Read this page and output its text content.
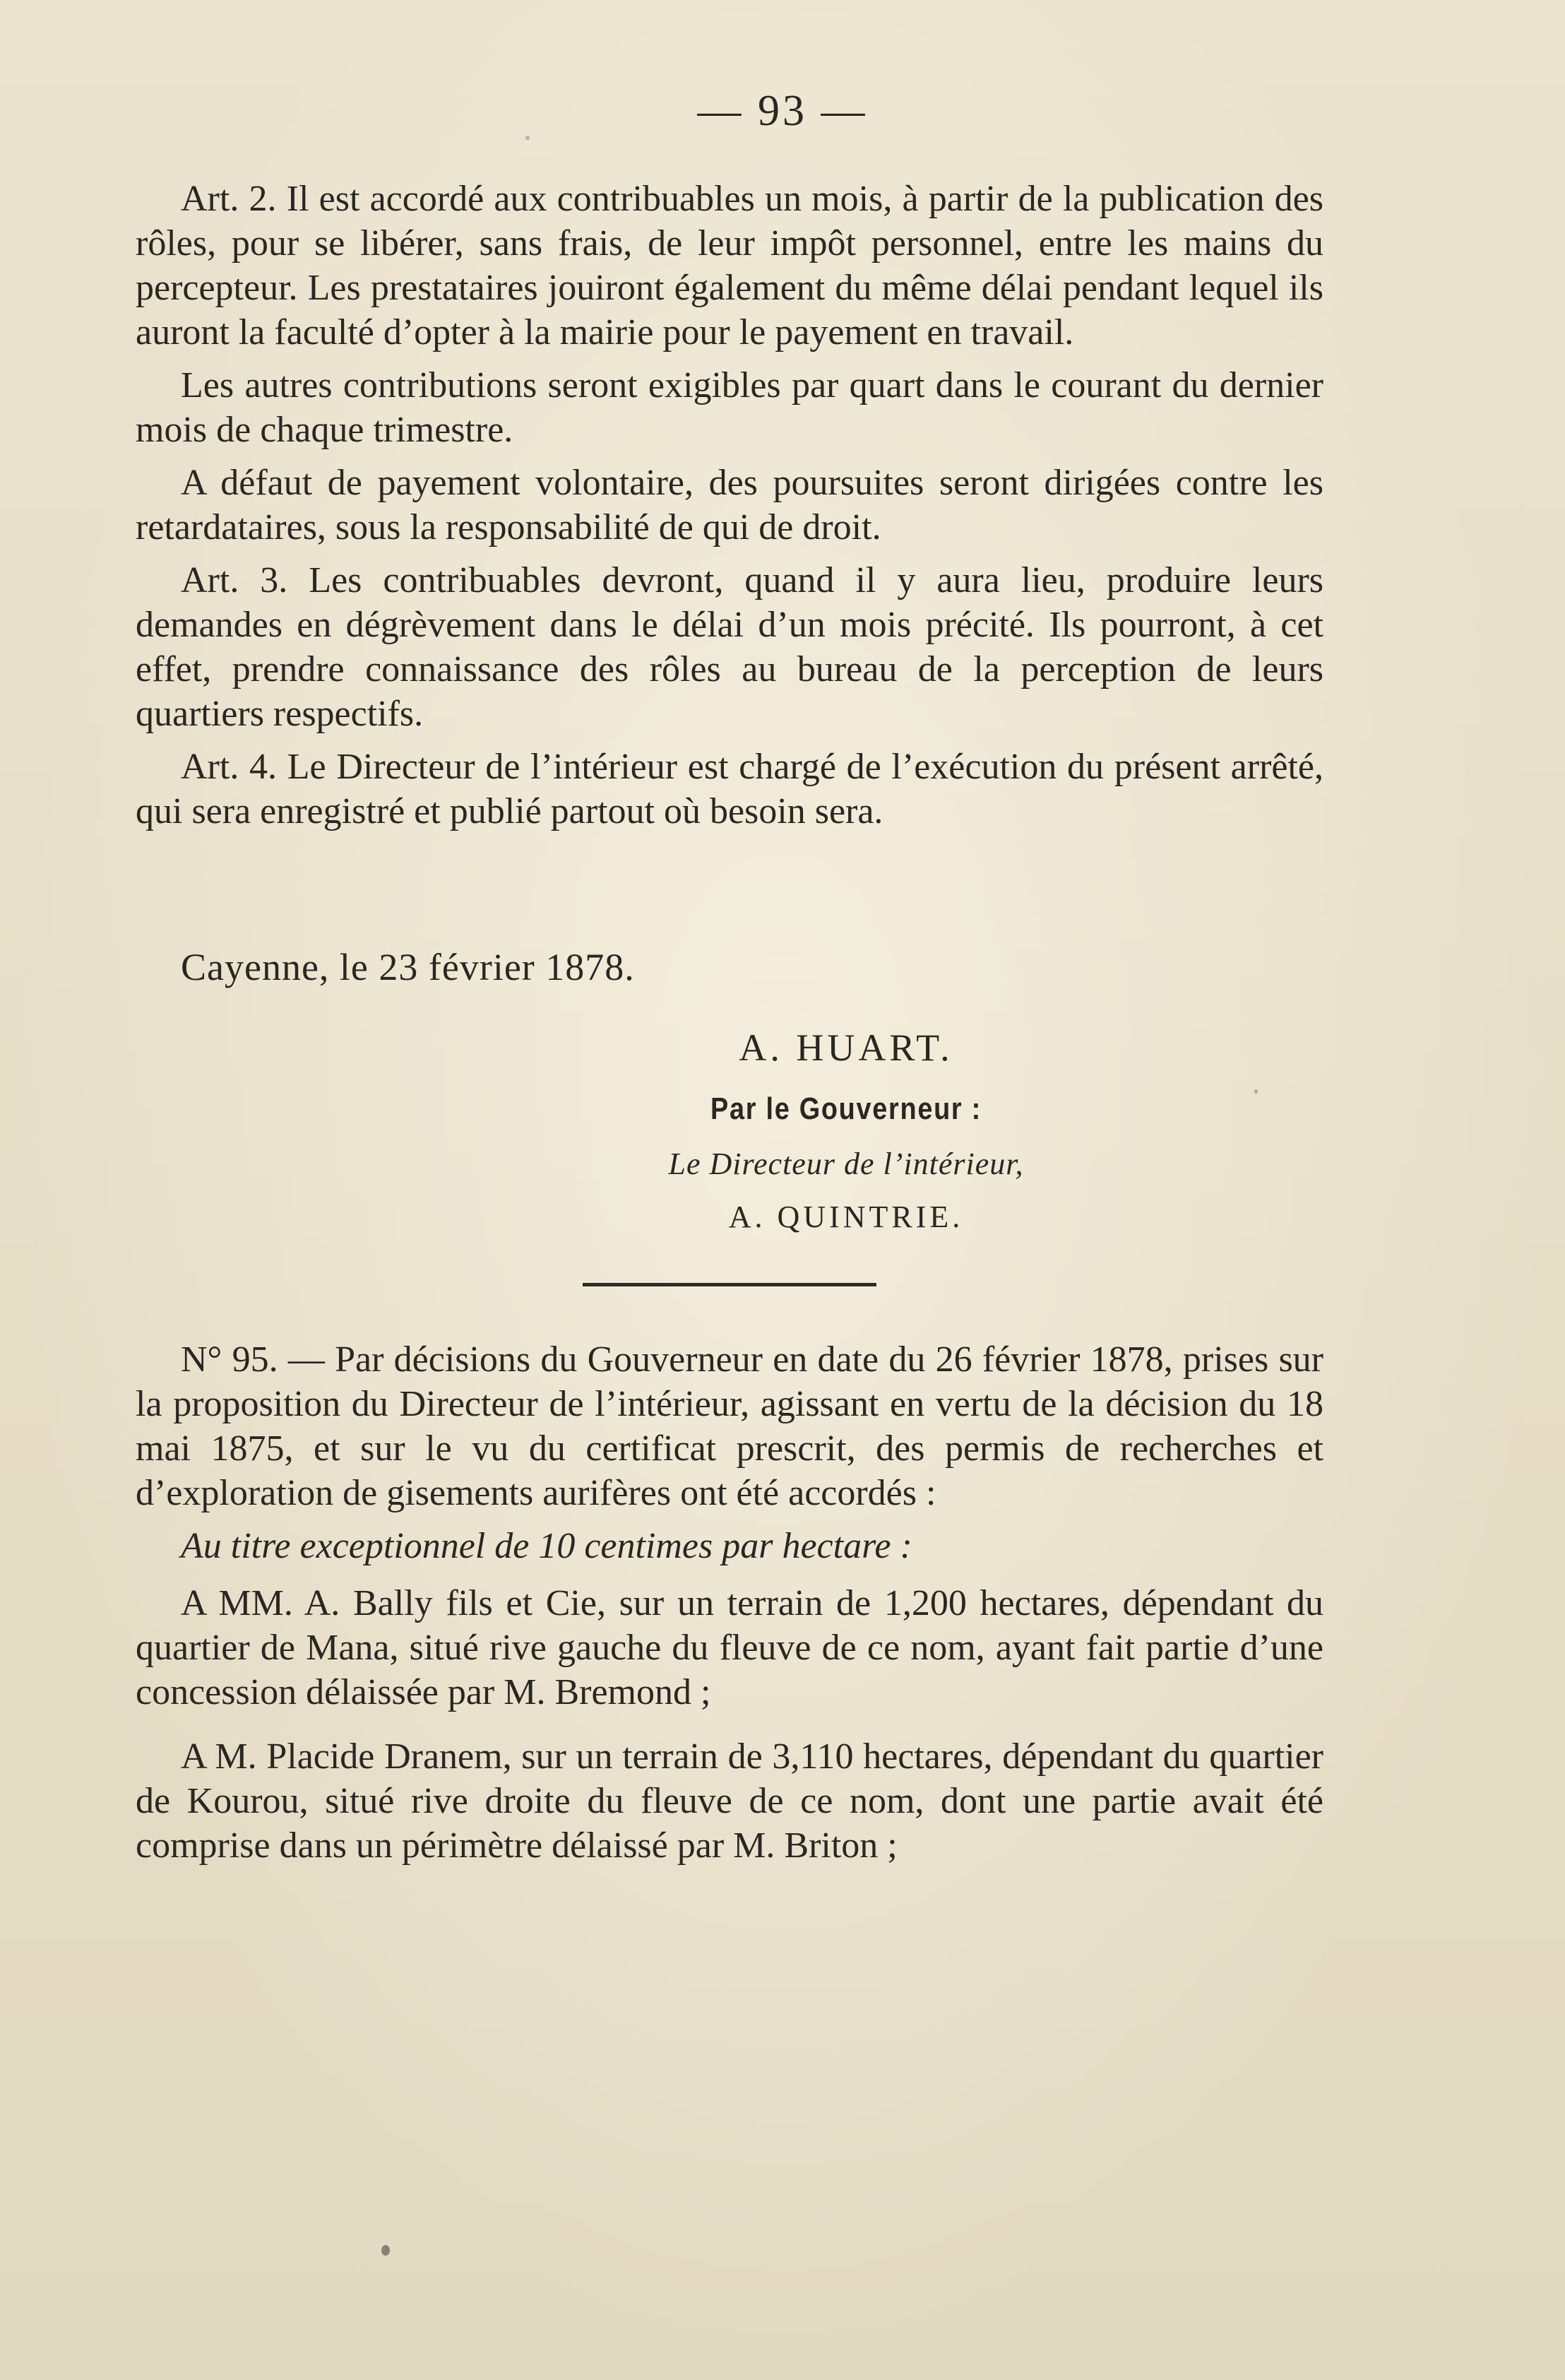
— 93 —

Art. 2. Il est accordé aux contribuables un mois, à partir de la publication des rôles, pour se libérer, sans frais, de leur impôt personnel, entre les mains du percepteur. Les prestataires jouiront également du même délai pendant lequel ils auront la faculté d’opter à la mairie pour le payement en travail.

Les autres contributions seront exigibles par quart dans le courant du dernier mois de chaque trimestre.

A défaut de payement volontaire, des poursuites seront dirigées contre les retardataires, sous la responsabilité de qui de droit.

Art. 3. Les contribuables devront, quand il y aura lieu, produire leurs demandes en dégrèvement dans le délai d’un mois précité. Ils pourront, à cet effet, prendre connaissance des rôles au bureau de la perception de leurs quartiers respectifs.

Art. 4. Le Directeur de l’intérieur est chargé de l’exécution du présent arrêté, qui sera enregistré et publié partout où besoin sera.

Cayenne, le 23 février 1878.
A. HUART.
Par le Gouverneur :
Le Directeur de l’intérieur,
A. QUINTRIE.

N° 95. — Par décisions du Gouverneur en date du 26 février 1878, prises sur la proposition du Directeur de l’intérieur, agissant en vertu de la décision du 18 mai 1875, et sur le vu du certificat prescrit, des permis de recherches et d’exploration de gisements aurifères ont été accordés :

Au titre exceptionnel de 10 centimes par hectare :

A MM. A. Bally fils et Cie, sur un terrain de 1,200 hectares, dépendant du quartier de Mana, situé rive gauche du fleuve de ce nom, ayant fait partie d’une concession délaissée par M. Bremond ;

A M. Placide Dranem, sur un terrain de 3,110 hectares, dépendant du quartier de Kourou, situé rive droite du fleuve de ce nom, dont une partie avait été comprise dans un périmètre délaissé par M. Briton ;
